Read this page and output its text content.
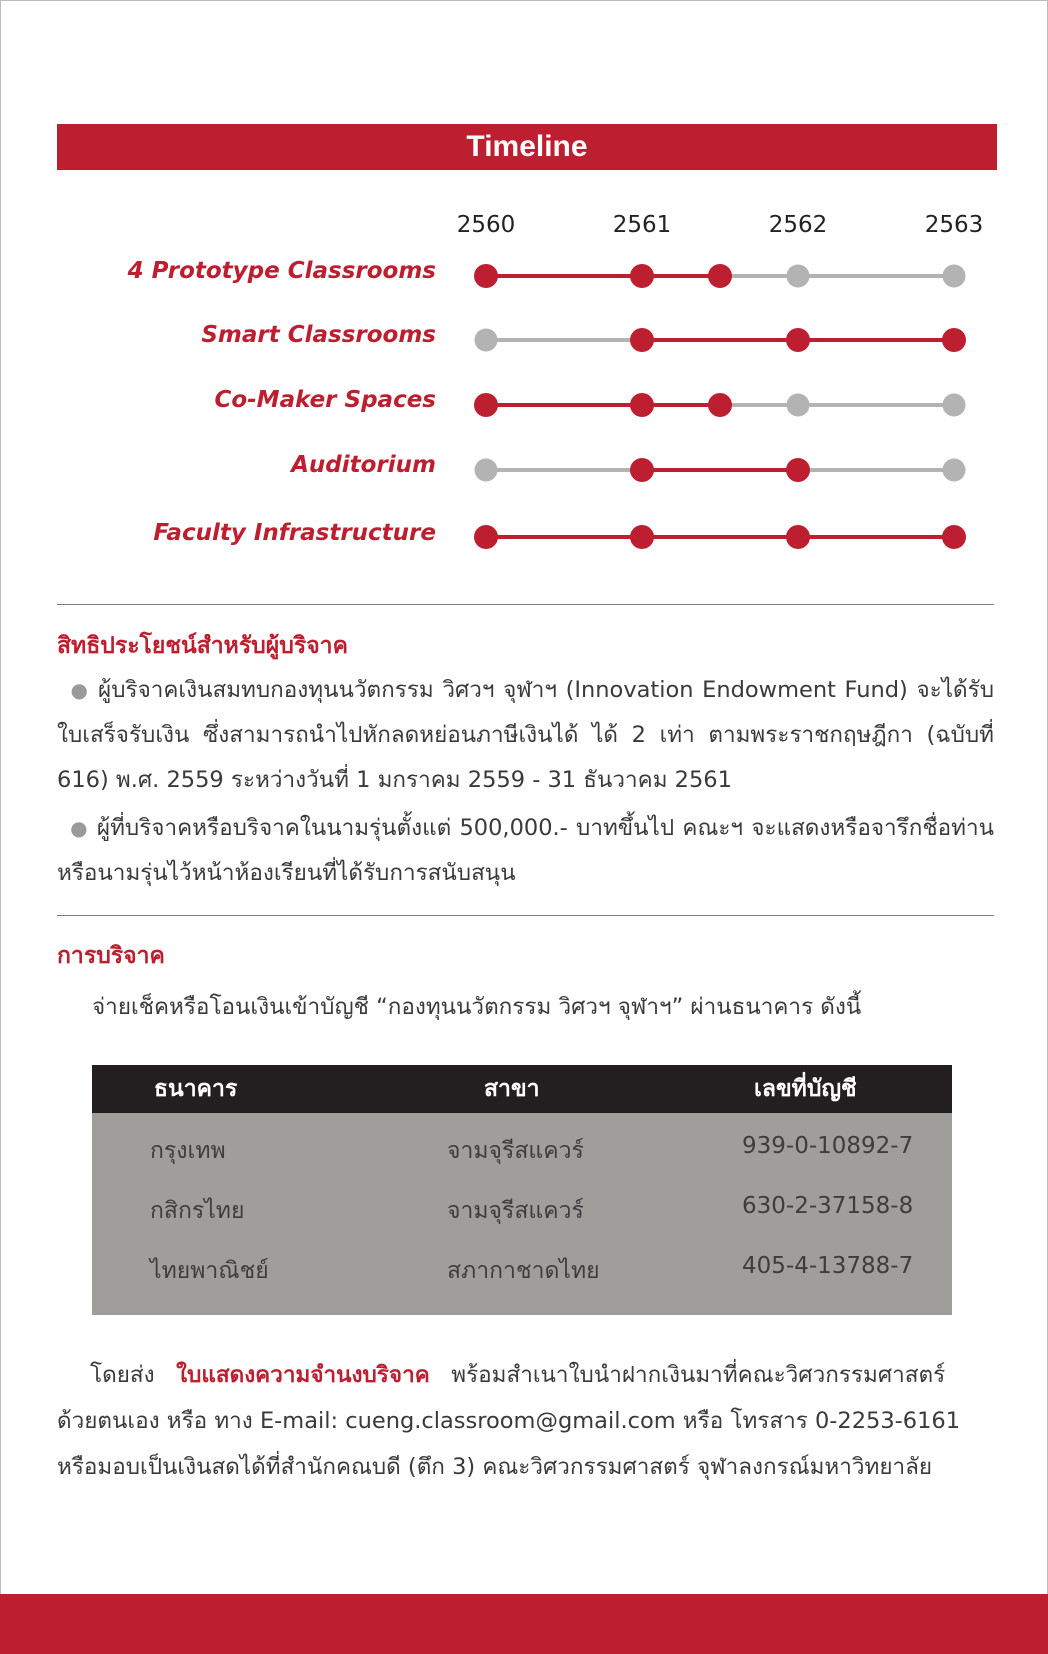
Timeline
2560	2561	2562	2563
4 Prototype Classrooms
Smart Classrooms
Co-Maker Spaces
Auditorium
Faculty Infrastructure
สิทธิประโยชน์สำหรับผู้บริจาค
● ผู้บริจาคเงินสมทบกองทุนนวัตกรรม วิศวฯ จุฬาฯ (Innovation Endowment Fund) จะได้รับใบเสร็จรับเงิน ซึ่งสามารถนำไปหักลดหย่อนภาษีเงินได้ ได้ 2 เท่า ตามพระราชกฤษฎีกา (ฉบับที่ 616) พ.ศ. 2559 ระหว่างวันที่ 1 มกราคม 2559 - 31 ธันวาคม 2561
● ผู้ที่บริจาคหรือบริจาคในนามรุ่นตั้งแต่ 500,000.- บาทขึ้นไป คณะฯ จะแสดงหรือจารึกชื่อท่านหรือนามรุ่นไว้หน้าห้องเรียนที่ได้รับการสนับสนุน
การบริจาค
จ่ายเช็คหรือโอนเงินเข้าบัญชี “กองทุนนวัตกรรม วิศวฯ จุฬาฯ” ผ่านธนาคาร ดังนี้
ธนาคาร	สาขา	เลขที่บัญชี
กรุงเทพ	จามจุรีสแควร์	939-0-10892-7
กสิกรไทย	จามจุรีสแควร์	630-2-37158-8
ไทยพาณิชย์	สภากาชาดไทย	405-4-13788-7
โดยส่ง ใบแสดงความจำนงบริจาค พร้อมสำเนาใบนำฝากเงินมาที่คณะวิศวกรรมศาสตร์
ด้วยตนเอง หรือ ทาง E-mail: cueng.classroom@gmail.com หรือ โทรสาร 0-2253-6161
หรือมอบเป็นเงินสดได้ที่สำนักคณบดี (ตึก 3) คณะวิศวกรรมศาสตร์ จุฬาลงกรณ์มหาวิทยาลัย
